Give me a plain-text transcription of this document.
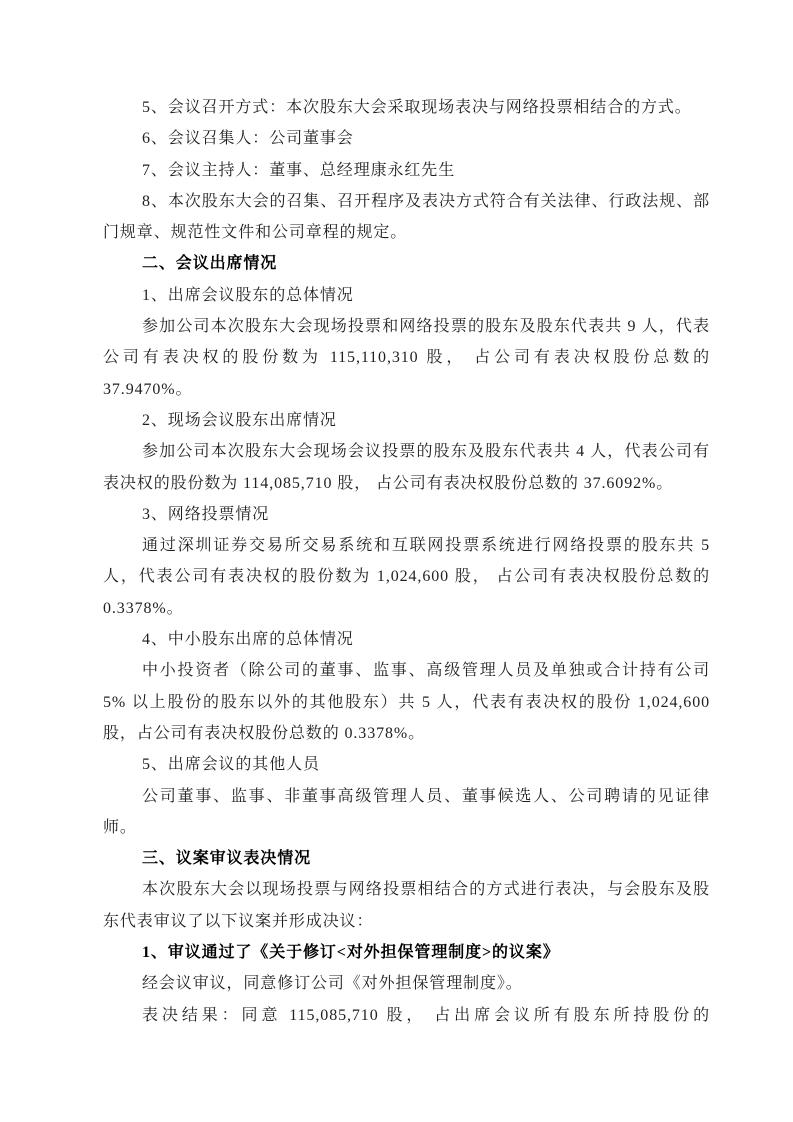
5、会议召开方式：本次股东大会采取现场表决与网络投票相结合的方式。

6、会议召集人：公司董事会

7、会议主持人：董事、总经理康永红先生

8、本次股东大会的召集、召开程序及表决方式符合有关法律、行政法规、部门规章、规范性文件和公司章程的规定。

二、会议出席情况

1、出席会议股东的总体情况

参加公司本次股东大会现场投票和网络投票的股东及股东代表共 9 人，代表公司有表决权的股份数为 115,110,310 股， 占公司有表决权股份总数的 37.9470%。

2、现场会议股东出席情况

参加公司本次股东大会现场会议投票的股东及股东代表共 4 人，代表公司有表决权的股份数为 114,085,710 股， 占公司有表决权股份总数的 37.6092%。

3、网络投票情况

通过深圳证券交易所交易系统和互联网投票系统进行网络投票的股东共 5 人，代表公司有表决权的股份数为 1,024,600 股， 占公司有表决权股份总数的 0.3378%。

4、中小股东出席的总体情况

中小投资者（除公司的董事、监事、高级管理人员及单独或合计持有公司 5% 以上股份的股东以外的其他股东）共 5 人，代表有表决权的股份 1,024,600 股，占公司有表决权股份总数的 0.3378%。

5、出席会议的其他人员

公司董事、监事、非董事高级管理人员、董事候选人、公司聘请的见证律师。

三、议案审议表决情况

本次股东大会以现场投票与网络投票相结合的方式进行表决，与会股东及股东代表审议了以下议案并形成决议：

1、审议通过了《关于修订<对外担保管理制度>的议案》

经会议审议，同意修订公司《对外担保管理制度》。

表决结果：同意 115,085,710 股， 占出席会议所有股东所持股份的
